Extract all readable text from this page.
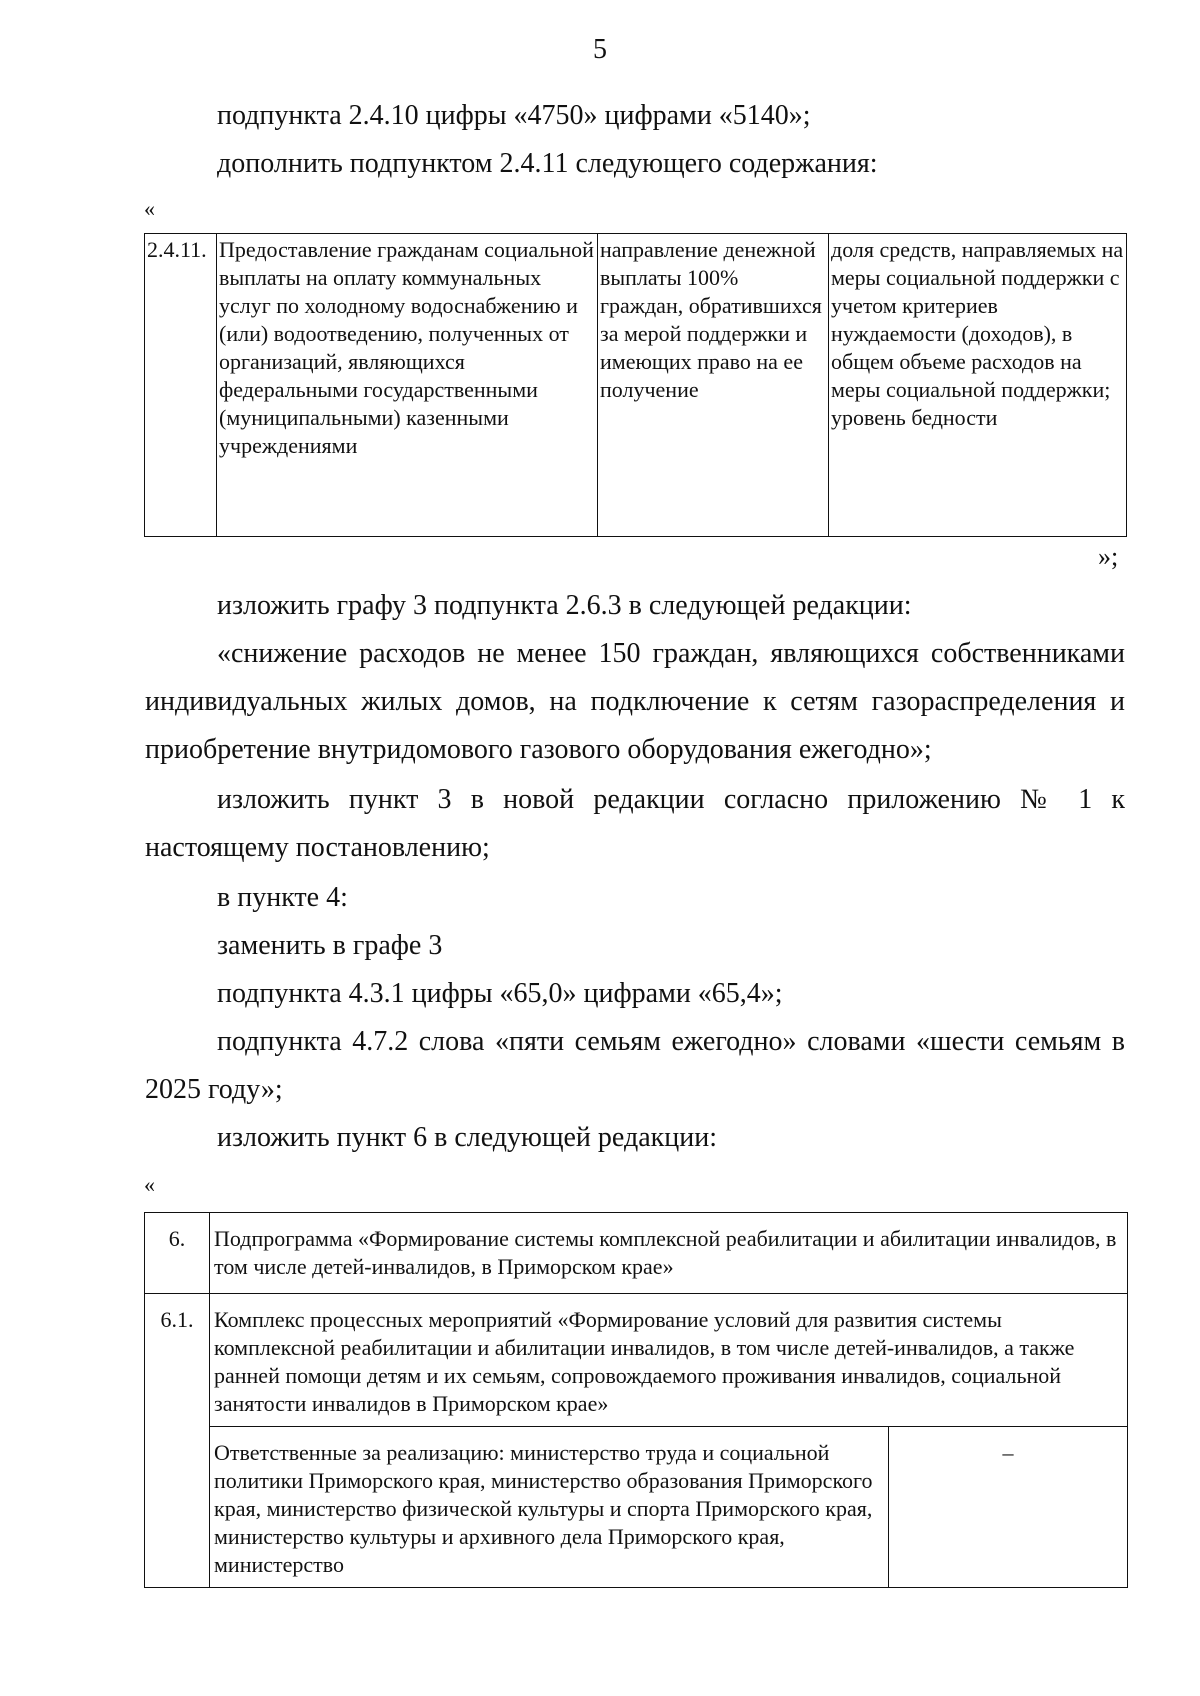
5

подпункта 2.4.10 цифры «4750» цифрами «5140»;

дополнить подпунктом 2.4.11 следующего содержания:

«
2.4.11.	Предоставление гражданам социальной выплаты на оплату коммунальных услуг по холодному водоснабжению и (или) водоотведению, полученных от организаций, являющихся федеральными государственными (муниципальными) казенными учреждениями	направление денежной выплаты 100% граждан, обратившихся за мерой поддержки и имеющих право на ее получение	доля средств, направляемых на меры социальной поддержки с учетом критериев нуждаемости (доходов), в общем объеме расходов на меры социальной поддержки; уровень бедности
»;

изложить графу 3 подпункта 2.6.3 в следующей редакции:

«снижение расходов не менее 150 граждан, являющихся собственниками индивидуальных жилых домов, на подключение к сетям газораспределения и приобретение внутридомового газового оборудования ежегодно»;

изложить пункт 3 в новой редакции согласно приложению № 1 к настоящему постановлению;

в пункте 4:

заменить в графе 3

подпункта 4.3.1 цифры «65,0» цифрами «65,4»;

подпункта 4.7.2 слова «пяти семьям ежегодно» словами «шести семьям в 2025 году»;

изложить пункт 6 в следующей редакции:

«
6.	Подпрограмма «Формирование системы комплексной реабилитации и абилитации инвалидов, в том числе детей-инвалидов, в Приморском крае»	
6.1.	Комплекс процессных мероприятий «Формирование условий для развития системы комплексной реабилитации и абилитации инвалидов, в том числе детей-инвалидов, а также ранней помощи детям и их семьям, сопровождаемого проживания инвалидов, социальной занятости инвалидов в Приморском крае»	
	Ответственные за реализацию: министерство труда и социальной политики Приморского края, министерство образования Приморского края, министерство физической культуры и спорта Приморского края, министерство культуры и архивного дела Приморского края, министерство	–
